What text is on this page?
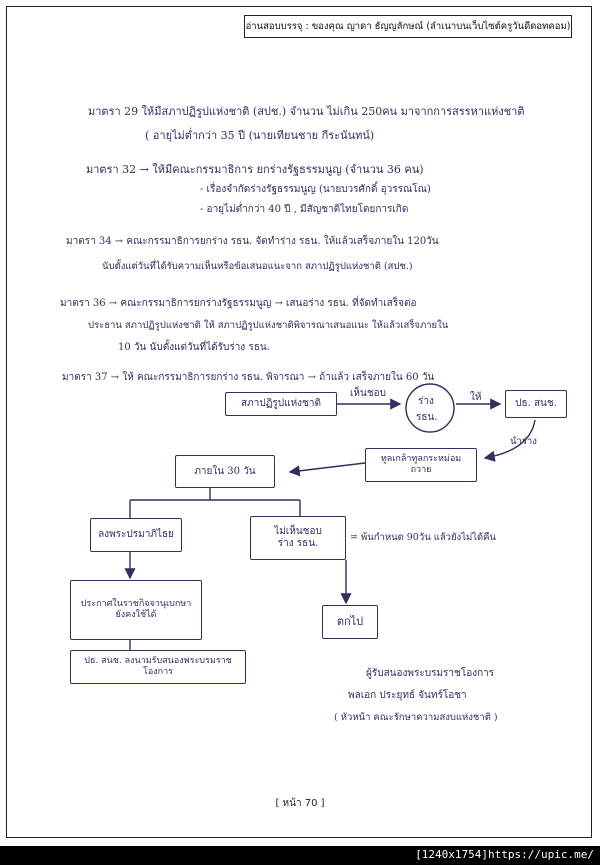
อ่านสอบบรรจุ : ของคุณ ญาดา ธัญญลักษณ์ (ลำเนาบนเว็บไซต์ครูวันดีดอทคอม)
มาตรา 29 ให้มีสภาปฏิรูปแห่งชาติ (สปช.) จำนวน ไม่เกิน 250คน มาจากการสรรหาแห่งชาติ
( อายุไม่ต่ำกว่า 35 ปี (นายเทียนชาย กีระนันทน์)
มาตรา 32 → ให้มีคณะกรรมาธิการ ยกร่างรัฐธรรมนูญ (จำนวน 36 คน)
- เรื่องจำกัดร่างรัฐธรรมนูญ (นายบวรศักดิ์ อุวรรณโณ)
- อายุไม่ต่ำกว่า 40 ปี , มีสัญชาติไทยโดยการเกิด
มาตรา 34 → คณะกรรมาธิการยกร่าง รธน. จัดทำร่าง รธน. ให้แล้วเสร็จภายใน 120วัน
นับตั้งแต่วันที่ได้รับความเห็นหรือข้อเสนอแนะจาก สภาปฏิรูปแห่งชาติ (สปช.)
มาตรา 36 → คณะกรรมาธิการยกร่างรัฐธรรมนูญ → เสนอร่าง รธน. ที่จัดทำเสร็จต่อ
ประธาน สภาปฏิรูปแห่งชาติ ให้ สภาปฏิรูปแห่งชาติพิจารณาเสนอแนะ ให้แล้วเสร็จภายใน
10 วัน นับตั้งแต่วันที่ได้รับร่าง รธน.
มาตรา 37 → ให้ คณะกรรมาธิการยกร่าง รธน. พิจารณา → ถ้าแล้ว เสร็จภายใน 60 วัน
เห็นชอบ	ให้
นำร่าง
สภาปฏิรูปแห่งชาติ	ร่าง
รธน.
ปธ. สนช.
ทูลเกล้าทูลกระหม่อม
ถวาย
ภายใน 30 วัน
ลงพระปรมาภิไธย	ไม่เห็นชอบ
ร่าง รธน.
= พ้นกำหนด 90วัน แล้วยังไม่ได้คืน
ตกไป
ประกาศในราชกิจจานุเบกษา
ยังคงใช้ได้
ปธ. สนช. ลงนามรับสนองพระบรมราช
โองการ	ผู้รับสนองพระบรมราชโองการ
พลเอก ประยุทธ์ จันทร์โอชา
( หัวหน้า คณะรักษาความสงบแห่งชาติ )
[ หน้า 70 ]
[1240x1754]https://upic.me/
